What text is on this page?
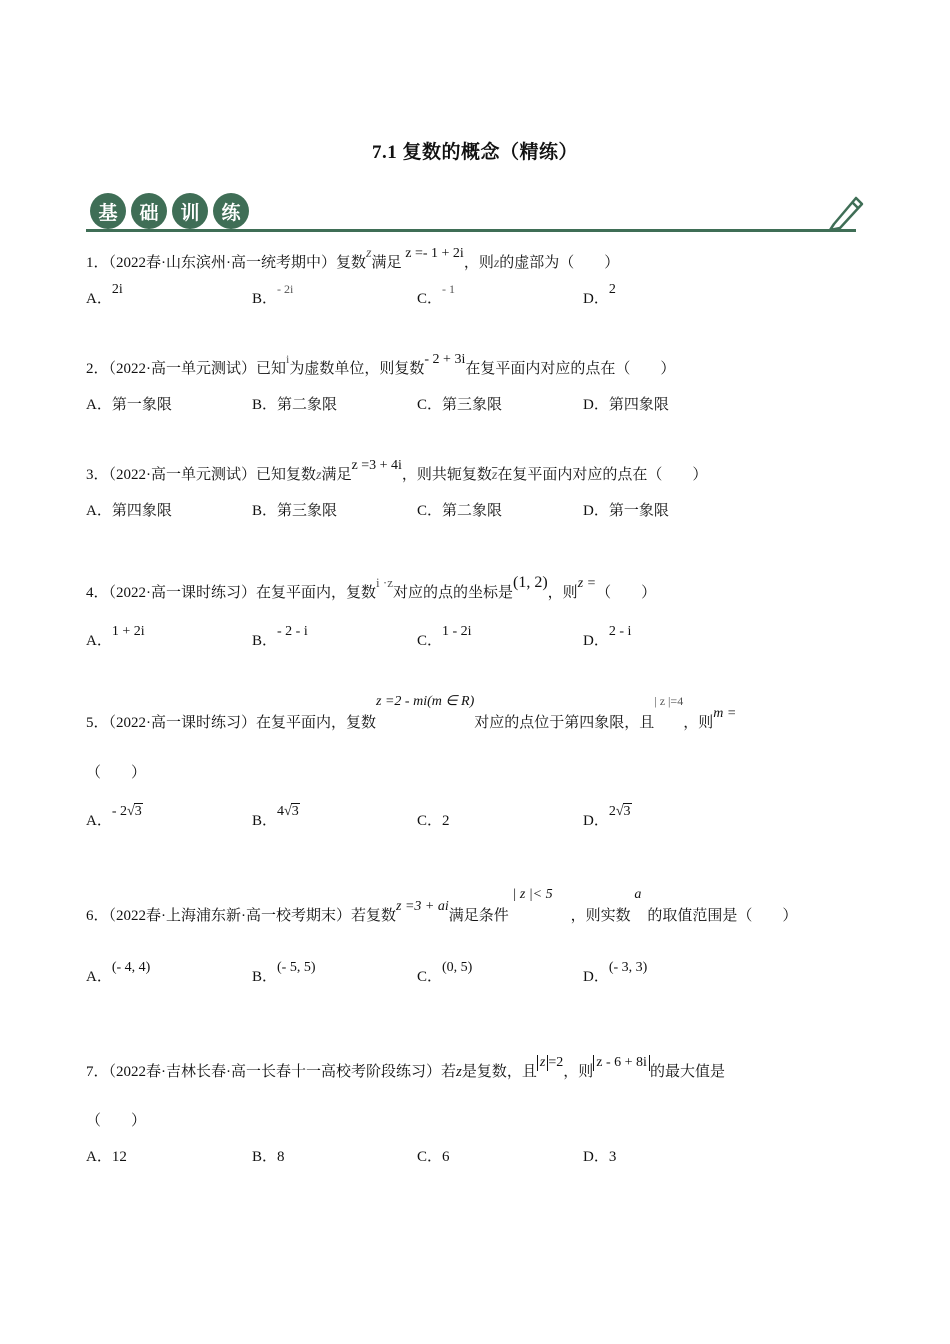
7.1 复数的概念（精练）
基	础	训	练
1．（2022春·山东滨州·高一统考期中）复数z满足 z =- 1 + 2i，则z的虚部为（　　）
A．2i
B．$^{- 2i}$
C．$^{- 1}$
D．2
2．（2022·高一单元测试）已知$^i$为虚数单位，则复数- 2 + 3i在复平面内对应的点在（　　）
A．第一象限	B．第二象限	C．第三象限	D．第四象限
3．（2022·高一单元测试）已知复数z满足z =3 + 4i，则共轭复数$\overline{z}$在复平面内对应的点在（　　）
A．第四象限	B．第三象限	C．第二象限	D．第一象限
4．（2022·高一课时练习）在复平面内，复数i ·z对应的点的坐标是(1, 2)，则z =（　　）
A．1 + 2i
B．- 2 - i
C．1 - 2i
D．2 - i
5．（2022·高一课时练习）在复平面内，复数z =2 - mi(m ∈ R)对应的点位于第四象限，且$^{| z |=4}$，则m =
（　　）
A．- 2√3
B．4√3
C．2	D．2√3
6．（2022春·上海浦东新·高一校考期末）若复数z =3 + ai满足条件 | z |< 5，则实数 a的取值范围是（　　）
A．(- 4, 4)
B．(- 5, 5)
C．(0, 5)
D．(- 3, 3)
7．（2022春·吉林长春·高一长春十一高校考阶段练习）若z是复数，且z =2，则z - 6 + 8i的最大值是
（　　）
A．12	B．8	C．6	D．3
